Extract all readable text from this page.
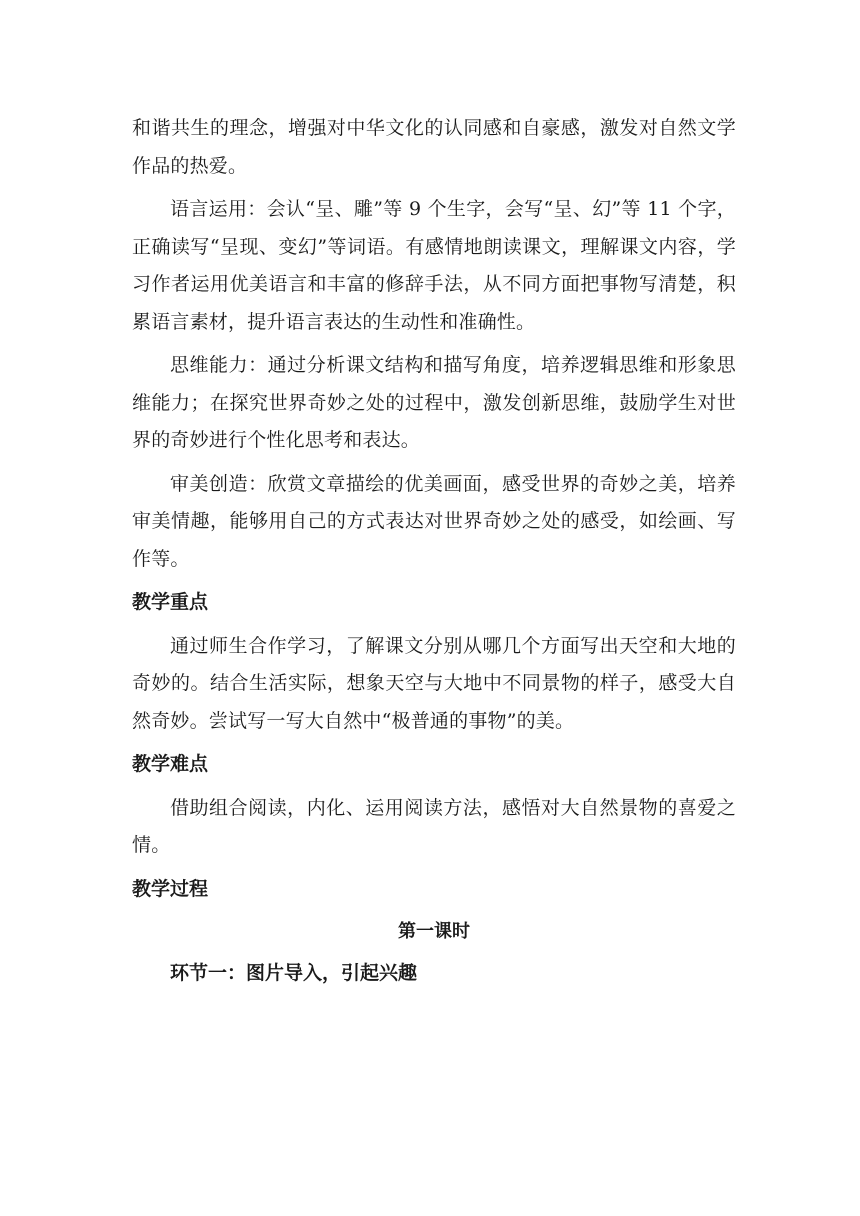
和谐共生的理念，增强对中华文化的认同感和自豪感，激发对自然文学作品的热爱。

语言运用：会认“呈、雕”等 9 个生字，会写“呈、幻”等 11 个字，正确读写“呈现、变幻”等词语。有感情地朗读课文，理解课文内容，学习作者运用优美语言和丰富的修辞手法，从不同方面把事物写清楚，积累语言素材，提升语言表达的生动性和准确性。

思维能力：通过分析课文结构和描写角度，培养逻辑思维和形象思维能力；在探究世界奇妙之处的过程中，激发创新思维，鼓励学生对世界的奇妙进行个性化思考和表达。

审美创造：欣赏文章描绘的优美画面，感受世界的奇妙之美，培养审美情趣，能够用自己的方式表达对世界奇妙之处的感受，如绘画、写作等。

教学重点

通过师生合作学习，了解课文分别从哪几个方面写出天空和大地的奇妙的。结合生活实际，想象天空与大地中不同景物的样子，感受大自然奇妙。尝试写一写大自然中“极普通的事物”的美。

教学难点

借助组合阅读，内化、运用阅读方法，感悟对大自然景物的喜爱之情。

教学过程
第一课时
环节一：图片导入，引起兴趣
